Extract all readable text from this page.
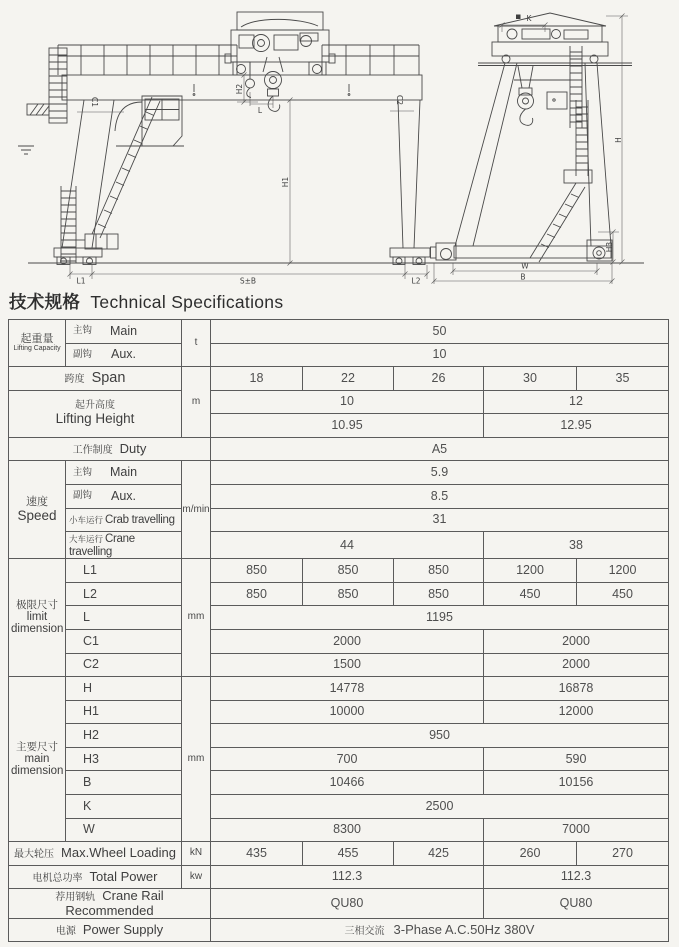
H2
L
H1
C1	C2
L1	S±B	L2
K
H
H3
W
B
技术规格 Technical Specifications
起重量
Lifting Capacity

主钩 Main	t	50

	副钩 Aux.		10				
跨度 Span		m	18	22	26	30	35

起升高度
Lifting Height			10			12	
			10.95			12.95	
工作制度 Duty			A5				

速度
Speed

主钩 Main	m/min	5.9

	副钩 Aux.		8.5				
	小车运行 Crab travelling		31				
	大车运行 Crane travelling		44			38	

极限尺寸
limit dimension	L1	mm	850	850	850	1200	1200
	L2		850	850	850	450	450
	L		1195				
	C1		2000			2000	
	C2		1500			2000	

主要尺寸
main dimension	H	mm	14778			16878	
	H1		10000			12000	
	H2		950				
	H3		700			590	
	B		10466			10156	
	K		2500				
	W		8300			7000	
最大轮压 Max.Wheel Loading		kN	435	455	425	260	270
电机总功率 Total Power		kw	112.3			112.3	
荐用钢轨 Crane Rail Recommended			QU80			QU80	
电源 Power Supply			三相交流 3-Phase A.C.50Hz 380V				
